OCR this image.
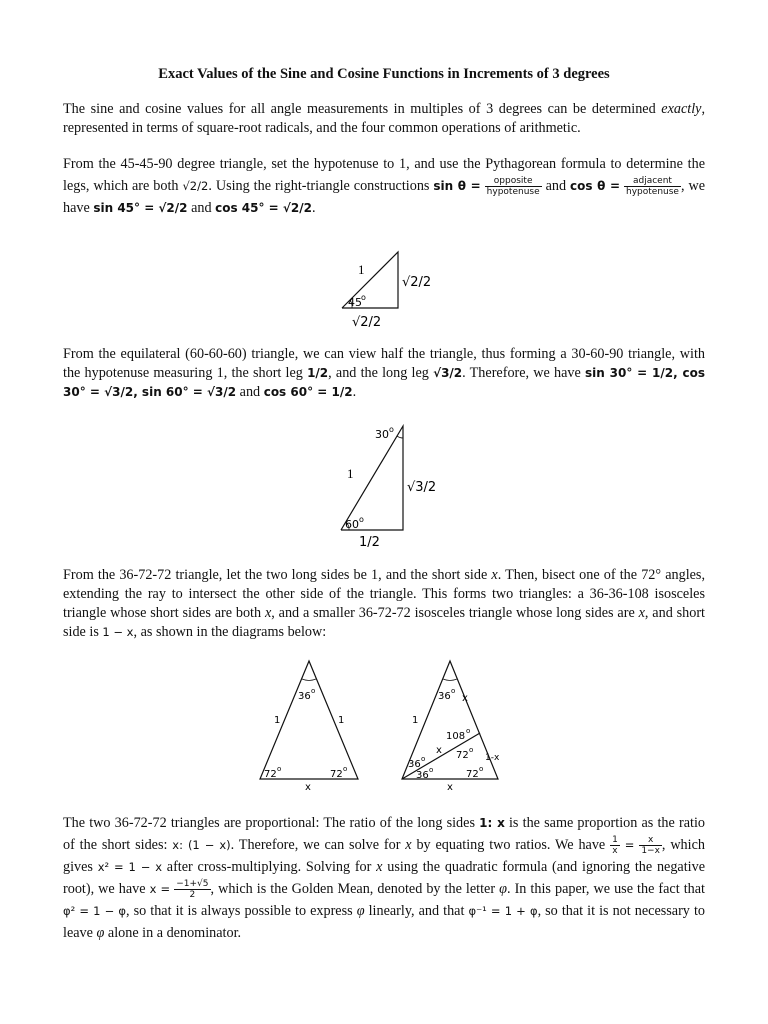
Exact Values of the Sine and Cosine Functions in Increments of 3 degrees

The sine and cosine values for all angle measurements in multiples of 3 degrees can be determined exactly, represented in terms of square-root radicals, and the four common operations of arithmetic.

From the 45-45-90 degree triangle, set the hypotenuse to 1, and use the Pythagorean formula to determine the legs, which are both √2/2. Using the right-triangle constructions $\sin \theta = \frac{\text{opposite}}{\text{hypotenuse}}$ and $\cos \theta = \frac{\text{adjacent}}{\text{hypotenuse}}$ , we have sin 45° = √2/2 and cos 45° = √2/2.

1
45 o
√2/2
√2/2

From the equilateral (60-60-60) triangle, we can view half the triangle, thus forming a 30-60-90 triangle, with the hypotenuse measuring 1, the short leg 1/2, and the long leg √3/2. Therefore, we have sin 30° = 1/2, cos 30° = √3/2, sin 60° = √3/2 and cos 60° = 1/2.

30 o
1
√3/2
60 o
1/2

From the 36-72-72 triangle, let the two long sides be 1, and the short side x. Then, bisect one of the 72° angles, extending the ray to intersect the other side of the triangle. This forms two triangles: a 36-36-108 isosceles triangle whose short sides are both x, and a smaller 36-72-72 isosceles triangle whose long sides are x, and short side is 1 − x, as shown in the diagrams below:

36 o
1	1
72 o	72 o
x
36 o
x
1
108 o
x 72 o
1-x
36 o
36 o	72 o
x

The two 36-72-72 triangles are proportional: The ratio of the long sides 1: x is the same proportion as the ratio of the short sides: x: (1 − x). Therefore, we can solve for x by equating two ratios. We have $\frac{1}{x} = \frac{x}{1-x}$ , which gives x² = 1 − x after cross-multiplying. Solving for x using the quadratic formula (and ignoring the negative root), we have $x = \frac{-1+√5}{2}$ , which is the Golden Mean, denoted by the letter φ. In this paper, we use the fact that φ² = 1 − φ, so that it is always possible to express φ linearly, and that φ⁻¹ = 1 + φ, so that it is not necessary to leave φ alone in a denominator.
